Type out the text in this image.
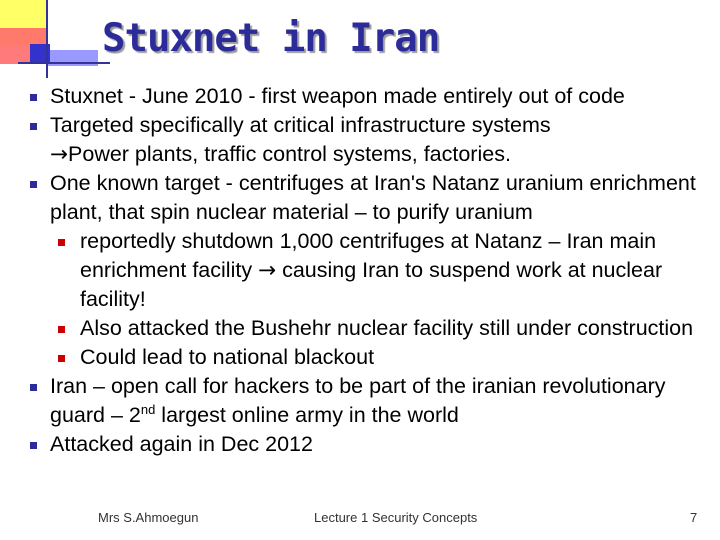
Stuxnet in Iran
Stuxnet - June 2010 - first weapon made entirely out of code
Targeted specifically at critical infrastructure systems
→Power plants, traffic control systems, factories.
One known target - centrifuges at Iran's Natanz uranium enrichment plant, that spin nuclear material – to purify uranium
reportedly shutdown 1,000 centrifuges at Natanz – Iran main enrichment facility → causing Iran to suspend work at nuclear facility!
Also attacked the Bushehr nuclear facility still under construction
Could lead to national blackout
Iran – open call for hackers to be part of the iranian revolutionary guard – 2nd largest online army in the world
Attacked again in Dec 2012
Mrs S.Ahmoegun	Lecture 1 Security Concepts	7
